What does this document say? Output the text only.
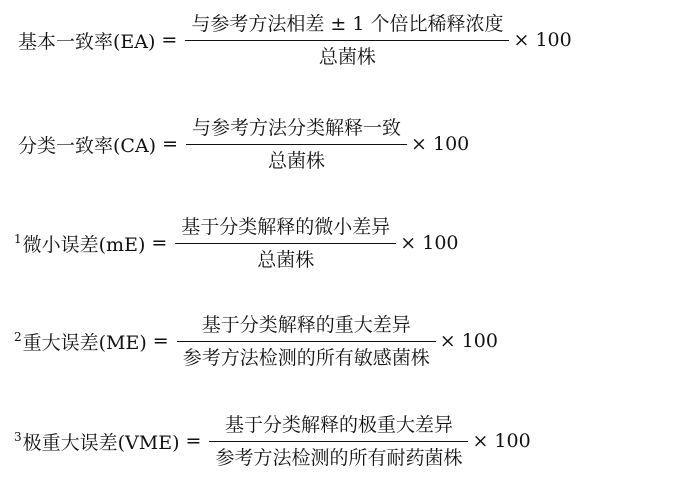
基本一致率$(EA) = \frac{\text{与参考方法相差 ± 1 个倍比稀释浓度}}{\text{总菌株}} \times 100$
分类一致率$(CA) = \frac{\text{与参考方法分类解释一致}}{\text{总菌株}} \times 100$
1 微小误差$(mE) = \frac{\text{基于分类解释的微小差异}}{\text{总菌株}} \times 100$
2 重大误差$(ME) = \frac{\text{基于分类解释的重大差异}}{\text{参考方法检测的所有敏感菌株}} \times 100$
3 极重大误差$(VME) = \frac{\text{基于分类解释的极重大差异}}{\text{参考方法检测的所有耐药菌株}} \times 100$
